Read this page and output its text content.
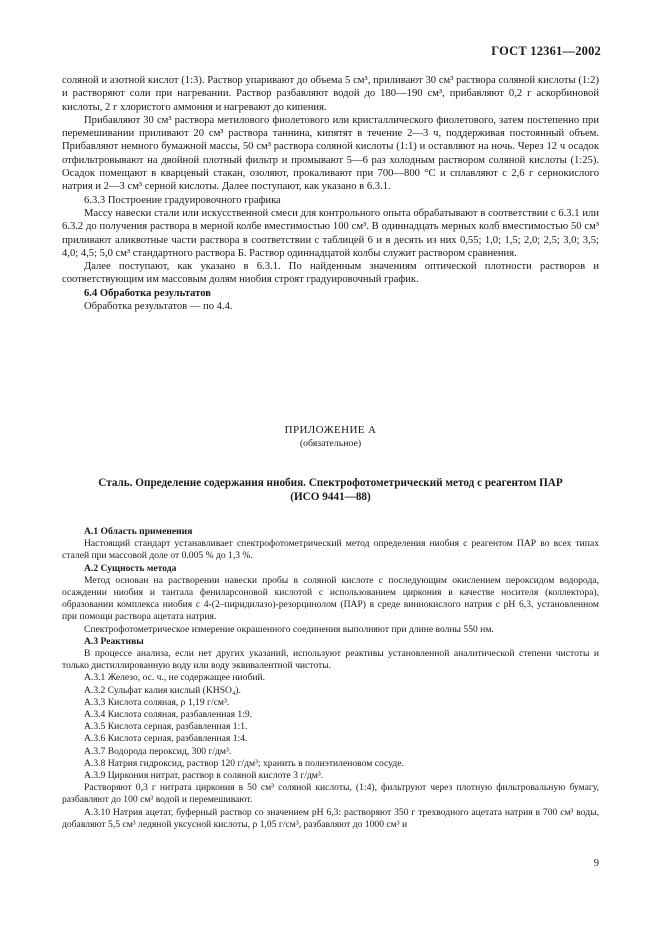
ГОСТ 12361—2002

соляной и азотной кислот (1:3). Раствор упаривают до объема 5 см³, приливают 30 см³ раствора соляной кислоты (1:2) и растворяют соли при нагревании. Раствор разбавляют водой до 180—190 см³, прибавляют 0,2 г аскорбиновой кислоты, 2 г хлористого аммония и нагревают до кипения.

Прибавляют 30 см³ раствора метилового фиолетового или кристаллического фиолетового, затем постепенно при перемешивании приливают 20 см³ раствора таннина, кипятят в течение 2—3 ч, поддерживая постоянный объем. Прибавляют немного бумажной массы, 50 см³ раствора соляной кислоты (1:1) и оставляют на ночь. Через 12 ч осадок отфильтровывают на двойной плотный фильтр и промывают 5—6 раз холодным раствором соляной кислоты (1:25). Осадок помещают в кварцевый стакан, озоляют, прокаливают при 700—800 °С и сплавляют с 2,6 г сернокислого натрия и 2—3 см³ серной кислоты. Далее поступают, как указано в 6.3.1.

6.3.3 Построение градуировочного графика

Массу навески стали или искусственной смеси для контрольного опыта обрабатывают в соответствии с 6.3.1 или 6.3.2 до получения раствора в мерной колбе вместимостью 100 см³. В одиннадцать мерных колб вместимостью 50 см³ приливают аликвотные части раствора в соответствии с таблицей 6 и в десять из них 0,55; 1,0; 1,5; 2,0; 2,5; 3,0; 3,5; 4,0; 4,5; 5,0 см³ стандартного раствора Б. Раствор одиннадцатой колбы служит раствором сравнения.

Далее поступают, как указано в 6.3.1. По найденным значениям оптической плотности растворов и соответствующим им массовым долям ниобия строят градуировочный график.

6.4 Обработка результатов

Обработка результатов — по 4.4.

ПРИЛОЖЕНИЕ А
(обязательное)
Сталь. Определение содержания ниобия. Спектрофотометрический метод с реагентом ПАР
(ИСО 9441—88)

А.1 Область применения

Настоящий стандарт устанавливает спектрофотометрический метод определения ниобия с реагентом ПАР во всех типах сталей при массовой доле от 0.005 % до 1,3 %.

А.2 Сущность метода

Метод основан на растворении навески пробы в соляной кислоте с последующим окислением пероксидом водорода, осаждении ниобия и тантала фениларсоновой кислотой с использованием циркония в качестве носителя (коллектора), образовании комплекса ниобия с 4-(2–пиридилазо)-резорцинолом (ПАР) в среде виннокислого натрия с рН 6,3, установленном при помощи раствора ацетата натрия.

Спектрофотометрическое измерение окрашенного соединения выполняют при длине волны 550 нм.

А.3 Реактивы

В процессе анализа, если нет других указаний, используют реактивы установленной аналитической степени чистоты и только дистиллированную воду или воду эквивалентной чистоты.

А.3.1 Железо, ос. ч., не содержащее ниобий.

А.3.2 Сульфат калия кислый (KHSO₄).

А.3.3 Кислота соляная, ρ 1,19 г/см³.

А.3.4 Кислота соляная, разбавленная 1:9.

А.3.5 Кислота серная, разбавленная 1:1.

А.3.6 Кислота серная, разбавленная 1:4.

А.3.7 Водорода пероксид, 300 г/дм³.

А.3.8 Натрия гидроксид, раствор 120 г/дм³; хранить в полиэтиленовом сосуде.

А.3.9 Циркония нитрат, раствор в соляной кислоте 3 г/дм³.

Растворяют 0,3 г нитрата циркония в 50 см³ соляной кислоты, (1:4), фильтруют через плотную фильтровальную бумагу, разбавляют до 100 см³ водой и перемешивают.

А.3.10 Натрия ацетат, буферный раствор со значением рН 6,3: растворяют 350 г трехводного ацетата натрия в 700 см³ воды, добавляют 5,5 см³ ледяной уксусной кислоты, ρ 1,05 г/см³, разбавляют до 1000 см³ и

9
